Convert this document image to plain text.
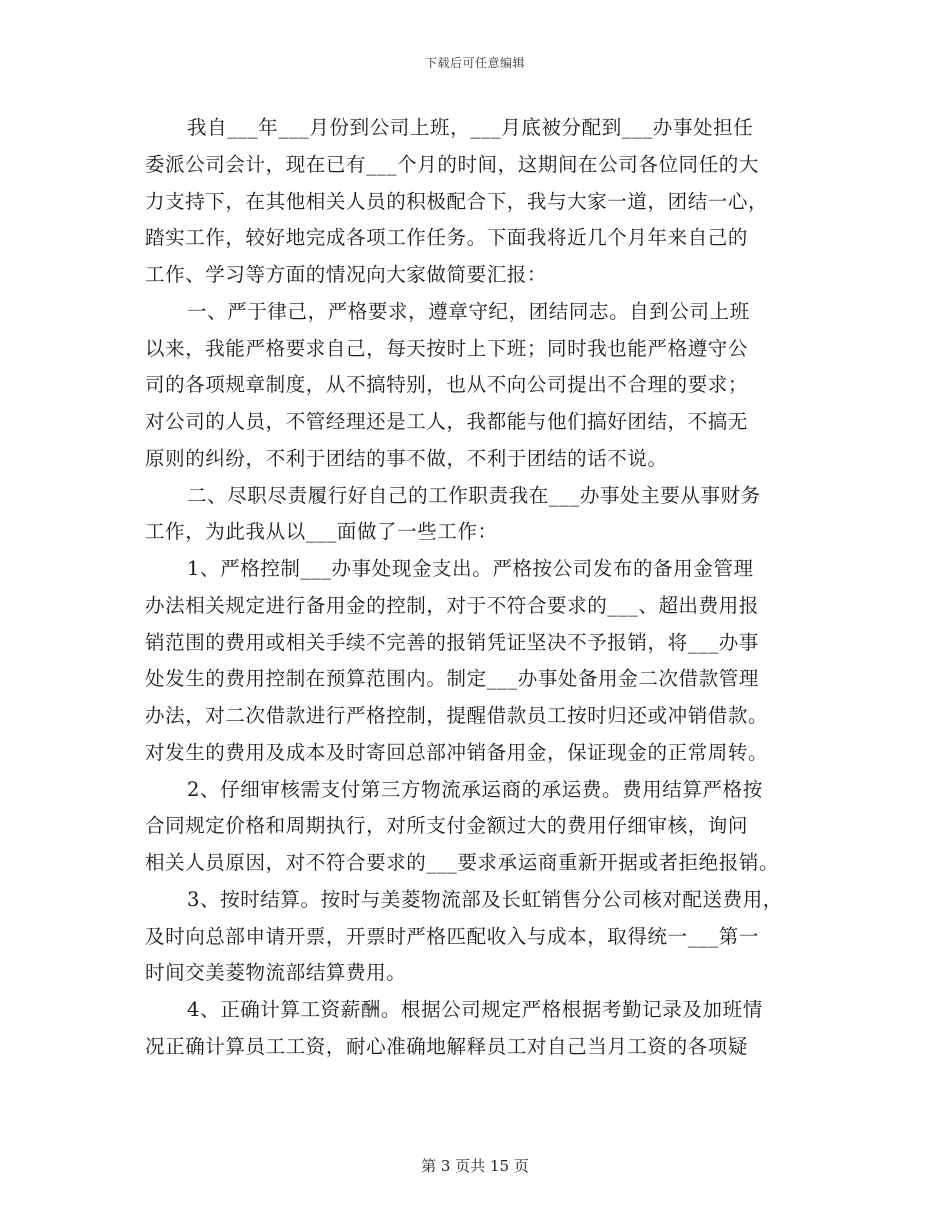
下载后可任意编辑
我自___年___月份到公司上班，___月底被分配到___办事处担任
委派公司会计，现在已有___个月的时间，这期间在公司各位同任的大
力支持下，在其他相关人员的积极配合下，我与大家一道，团结一心，
踏实工作，较好地完成各项工作任务。下面我将近几个月年来自己的
工作、学习等方面的情况向大家做简要汇报：
一、严于律己，严格要求，遵章守纪，团结同志。自到公司上班
以来，我能严格要求自己，每天按时上下班；同时我也能严格遵守公
司的各项规章制度，从不搞特别，也从不向公司提出不合理的要求；
对公司的人员，不管经理还是工人，我都能与他们搞好团结，不搞无
原则的纠纷，不利于团结的事不做，不利于团结的话不说。
二、尽职尽责履行好自己的工作职责我在___办事处主要从事财务
工作，为此我从以___面做了一些工作：
1、严格控制___办事处现金支出。严格按公司发布的备用金管理
办法相关规定进行备用金的控制，对于不符合要求的___、超出费用报
销范围的费用或相关手续不完善的报销凭证坚决不予报销，将___办事
处发生的费用控制在预算范围内。制定___办事处备用金二次借款管理
办法，对二次借款进行严格控制，提醒借款员工按时归还或冲销借款。
对发生的费用及成本及时寄回总部冲销备用金，保证现金的正常周转。
2、仔细审核需支付第三方物流承运商的承运费。费用结算严格按
合同规定价格和周期执行，对所支付金额过大的费用仔细审核，询问
相关人员原因，对不符合要求的___要求承运商重新开据或者拒绝报销。
3、按时结算。按时与美菱物流部及长虹销售分公司核对配送费用，
及时向总部申请开票，开票时严格匹配收入与成本，取得统一___第一
时间交美菱物流部结算费用。
4、正确计算工资薪酬。根据公司规定严格根据考勤记录及加班情
况正确计算员工工资，耐心准确地解释员工对自己当月工资的各项疑
第 3 页共 15 页
